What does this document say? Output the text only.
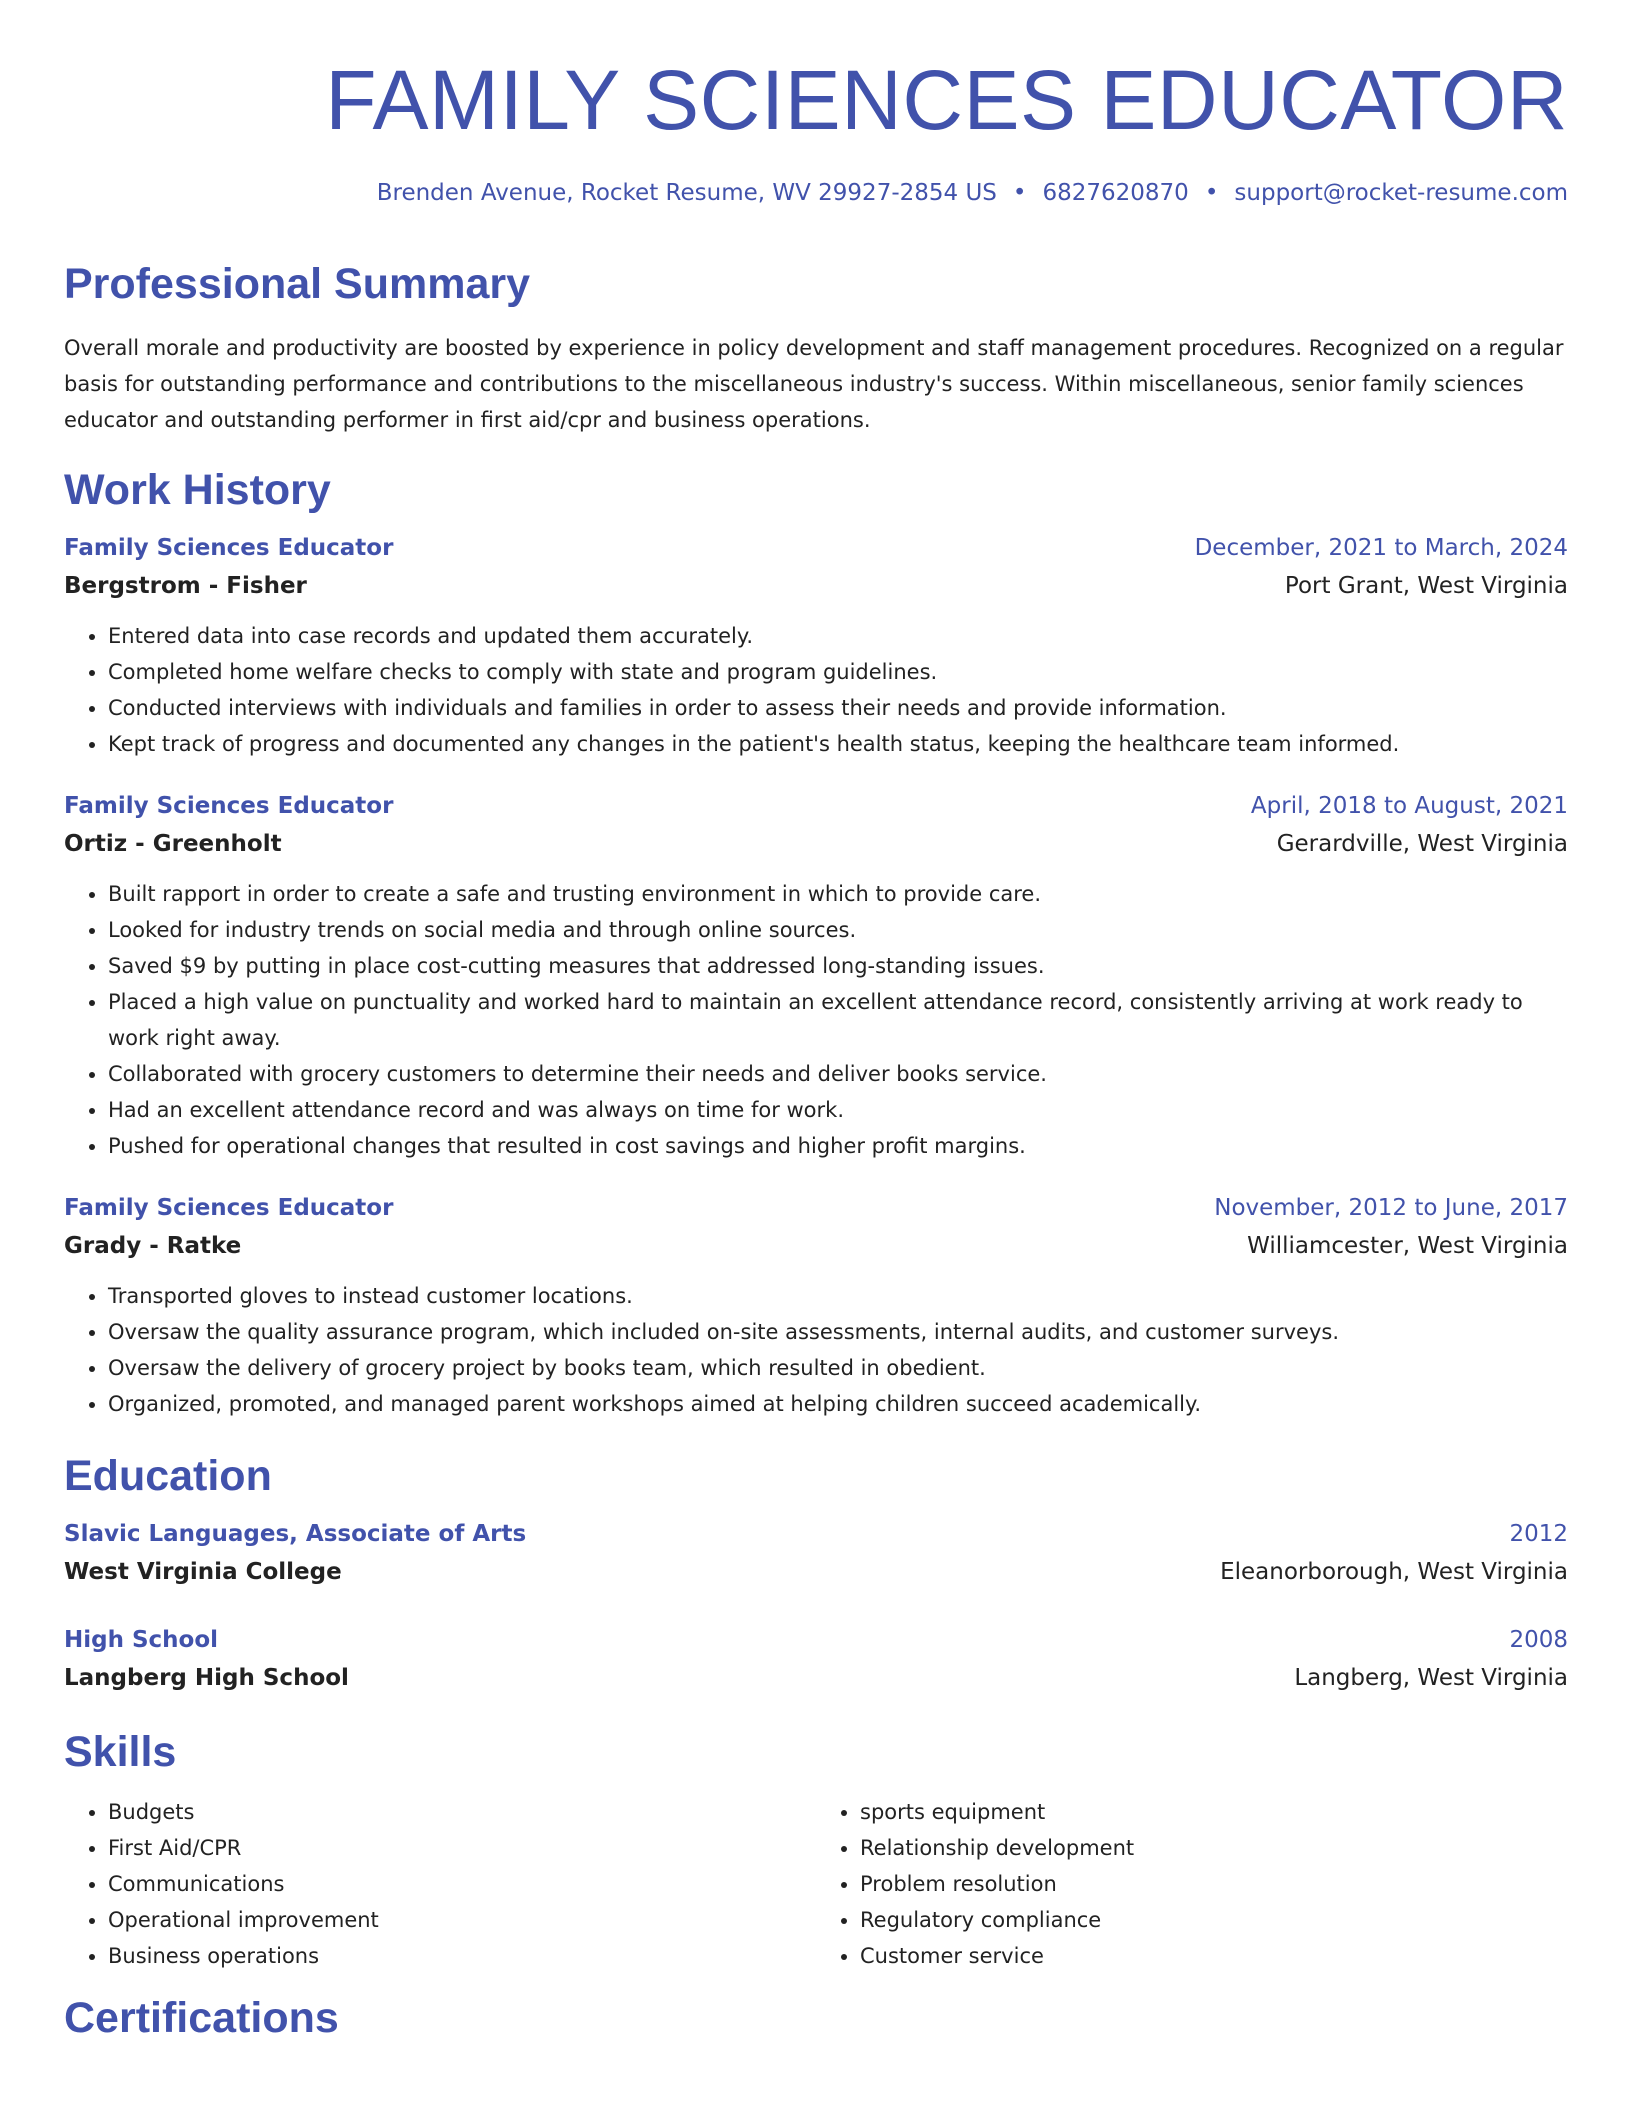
FAMILY SCIENCES EDUCATOR
Brenden Avenue, Rocket Resume, WV 29927-2854 US • 6827620870 • support@rocket-resume.com
Professional Summary

Overall morale and productivity are boosted by experience in policy development and staff management procedures. Recognized on a regular basis for outstanding performance and contributions to the miscellaneous industry's success. Within miscellaneous, senior family sciences educator and outstanding performer in first aid/cpr and business operations.

Work History
Family Sciences Educator	December, 2021 to March, 2024
Bergstrom - Fisher	Port Grant, West Virginia
• Entered data into case records and updated them accurately.
• Completed home welfare checks to comply with state and program guidelines.
• Conducted interviews with individuals and families in order to assess their needs and provide information.
• Kept track of progress and documented any changes in the patient's health status, keeping the healthcare team informed.
Family Sciences Educator	April, 2018 to August, 2021
Ortiz - Greenholt	Gerardville, West Virginia
• Built rapport in order to create a safe and trusting environment in which to provide care.
• Looked for industry trends on social media and through online sources.
• Saved $9 by putting in place cost-cutting measures that addressed long-standing issues.
• Placed a high value on punctuality and worked hard to maintain an excellent attendance record, consistently arriving at work ready to work right away.
• Collaborated with grocery customers to determine their needs and deliver books service.
• Had an excellent attendance record and was always on time for work.
• Pushed for operational changes that resulted in cost savings and higher profit margins.
Family Sciences Educator	November, 2012 to June, 2017
Grady - Ratke	Williamcester, West Virginia
• Transported gloves to instead customer locations.
• Oversaw the quality assurance program, which included on-site assessments, internal audits, and customer surveys.
• Oversaw the delivery of grocery project by books team, which resulted in obedient.
• Organized, promoted, and managed parent workshops aimed at helping children succeed academically.
Education
Slavic Languages, Associate of Arts	2012
West Virginia College	Eleanorborough, West Virginia
High School	2008
Langberg High School	Langberg, West Virginia
Skills
• Budgets
• First Aid/CPR
• Communications
• Operational improvement
• Business operations
• sports equipment
• Relationship development
• Problem resolution
• Regulatory compliance
• Customer service
Certifications
